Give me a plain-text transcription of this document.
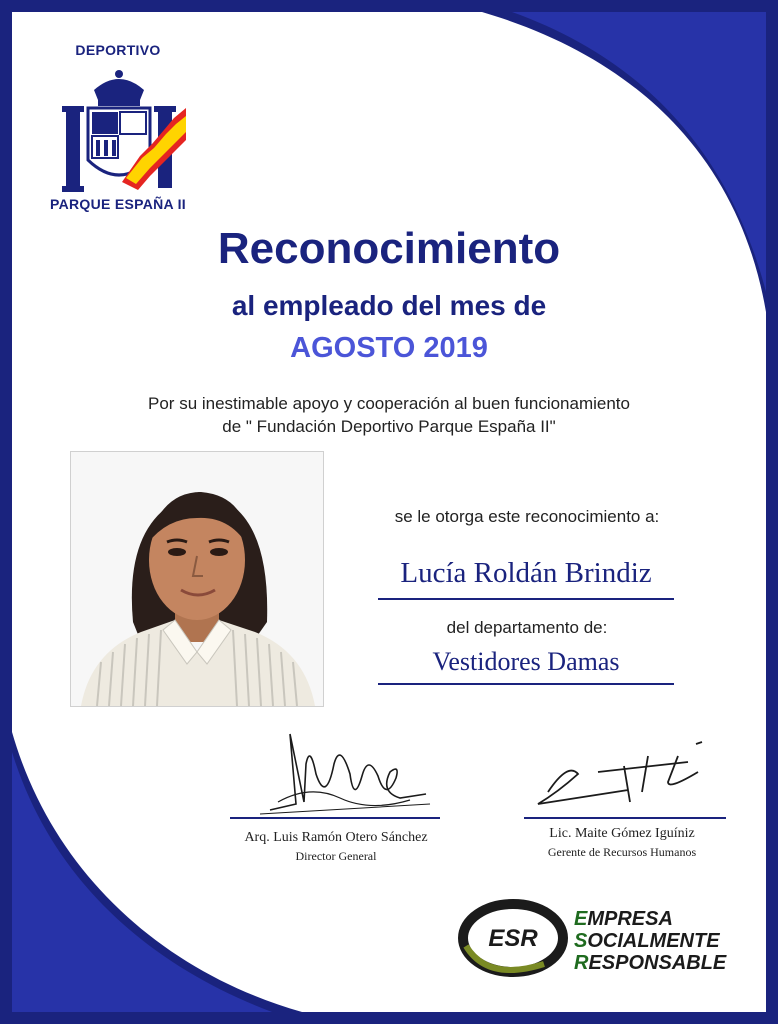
DEPORTIVO
PARQUE ESPAÑA II
Reconocimiento
al empleado del mes de
AGOSTO 2019
Por su inestimable apoyo y cooperación al buen funcionamiento
de " Fundación Deportivo Parque España II"
se le otorga este reconocimiento a:
Lucía Roldán Brindiz
del departamento de:
Vestidores Damas
Arq. Luis Ramón Otero Sánchez
Director General
Lic. Maite Gómez Iguíniz
Gerente de Recursos Humanos
ESR
EMPRESA
SOCIALMENTE
RESPONSABLE
